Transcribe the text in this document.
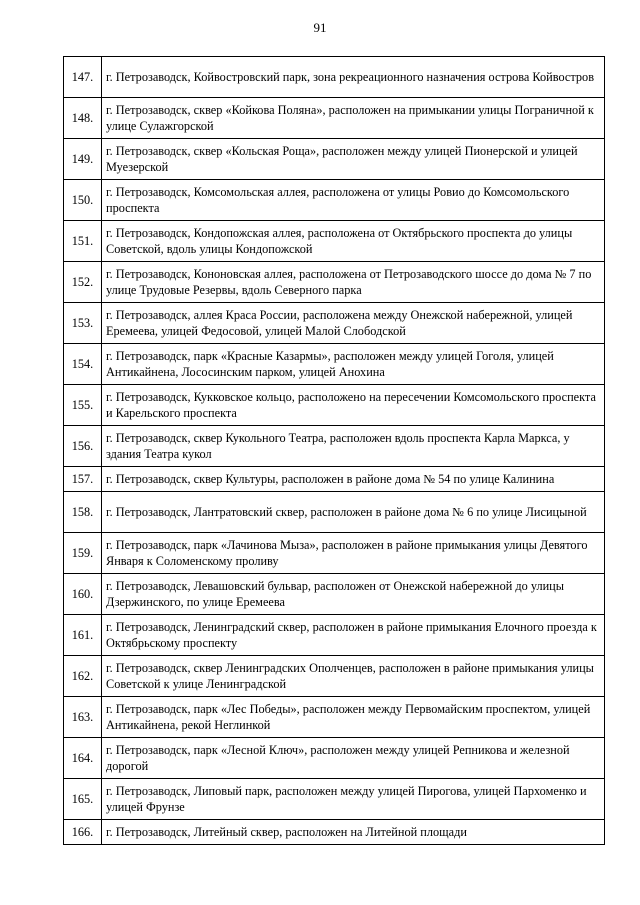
91
147.	г. Петрозаводск, Койвостровский парк, зона рекреационного назначения острова Койвостров
148.	г. Петрозаводск, сквер «Койкова Поляна», расположен на примыкании улицы Пограничной к улице Сулажгорской
149.	г. Петрозаводск, сквер «Кольская Роща», расположен между улицей Пионерской и улицей Муезерской
150.	г. Петрозаводск, Комсомольская аллея, расположена от улицы Ровио до Комсомольского проспекта
151.	г. Петрозаводск, Кондопожская аллея, расположена от Октябрьского проспекта до улицы Советской, вдоль улицы Кондопожской
152.	г. Петрозаводск, Кононовская аллея, расположена от Петрозаводского шоссе до дома № 7 по улице Трудовые Резервы, вдоль Северного парка
153.	г. Петрозаводск, аллея Краса России, расположена между Онежской набережной, улицей Еремеева, улицей Федосовой, улицей Малой Слободской
154.	г. Петрозаводск, парк «Красные Казармы», расположен между улицей Гоголя, улицей Антикайнена, Лососинским парком, улицей Анохина
155.	г. Петрозаводск, Кукковское кольцо, расположено на пересечении Комсомольского проспекта и Карельского проспекта
156.	г. Петрозаводск, сквер Кукольного Театра, расположен вдоль проспекта Карла Маркса, у здания Театра кукол
157.	г. Петрозаводск, сквер Культуры, расположен в районе дома № 54 по улице Калинина
158.	г. Петрозаводск, Лантратовский сквер, расположен в районе дома № 6 по улице Лисицыной
159.	г. Петрозаводск, парк «Лачинова Мыза», расположен в районе примыкания улицы Девятого Января к Соломенскому проливу
160.	г. Петрозаводск, Левашовский бульвар, расположен от Онежской набережной до улицы Дзержинского, по улице Еремеева
161.	г. Петрозаводск, Ленинградский сквер, расположен в районе примыкания Елочного проезда к Октябрьскому проспекту
162.	г. Петрозаводск, сквер Ленинградских Ополченцев, расположен в районе примыкания улицы Советской к улице Ленинградской
163.	г. Петрозаводск, парк «Лес Победы», расположен между Первомайским проспектом, улицей Антикайнена, рекой Неглинкой
164.	г. Петрозаводск, парк «Лесной Ключ», расположен между улицей Репникова и железной дорогой
165.	г. Петрозаводск, Липовый парк, расположен между улицей Пирогова, улицей Пархоменко и улицей Фрунзе
166.	г. Петрозаводск, Литейный сквер, расположен на Литейной площади
